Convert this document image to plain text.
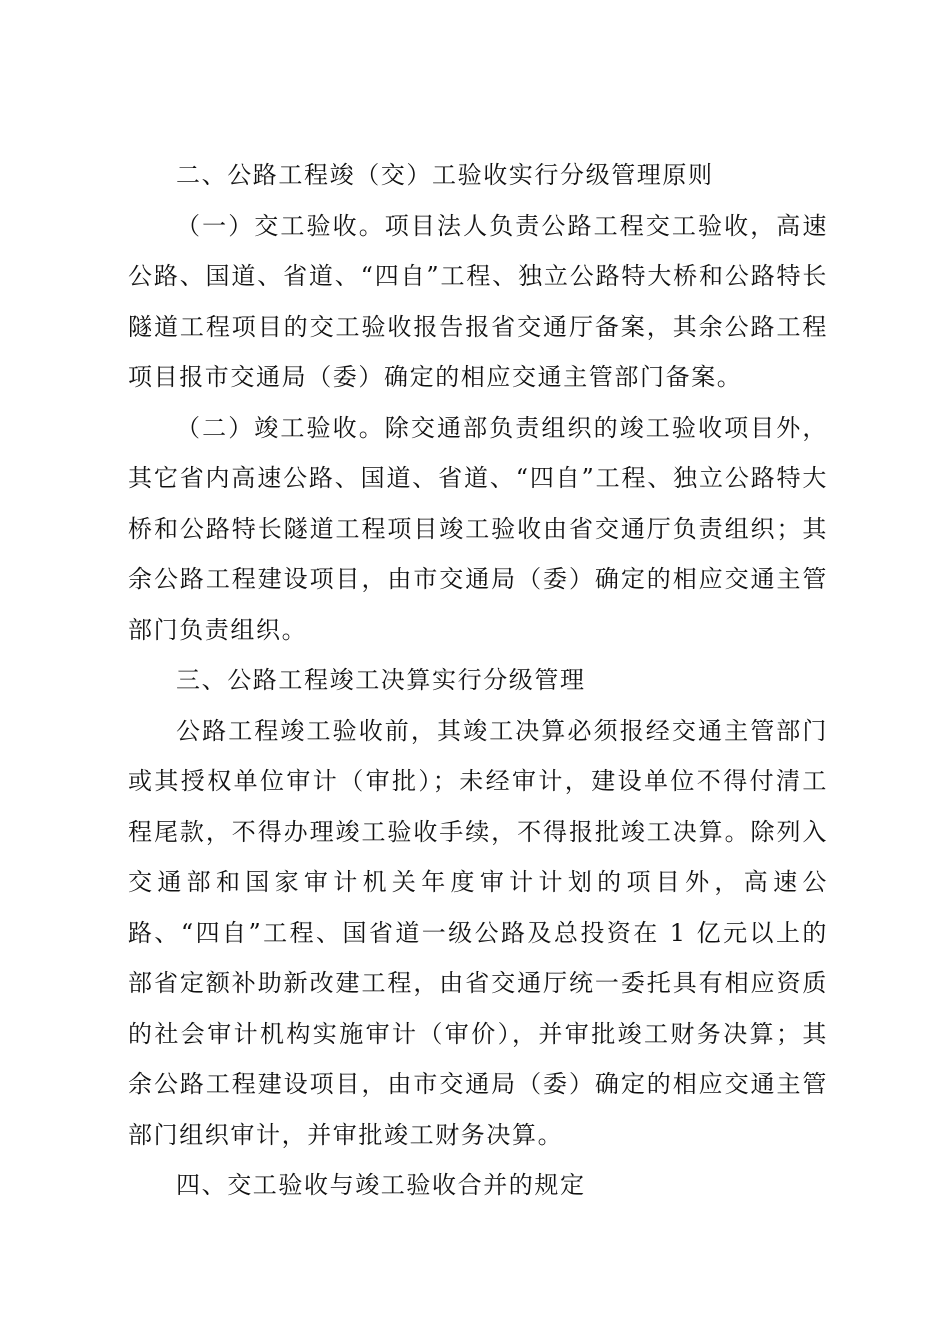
二、公路工程竣（交）工验收实行分级管理原则

（一）交工验收。项目法人负责公路工程交工验收，高速公路、国道、省道、“四自”工程、独立公路特大桥和公路特长隧道工程项目的交工验收报告报省交通厅备案，其余公路工程项目报市交通局（委）确定的相应交通主管部门备案。

（二）竣工验收。除交通部负责组织的竣工验收项目外，其它省内高速公路、国道、省道、“四自”工程、独立公路特大桥和公路特长隧道工程项目竣工验收由省交通厅负责组织；其余公路工程建设项目，由市交通局（委）确定的相应交通主管部门负责组织。

三、公路工程竣工决算实行分级管理

公路工程竣工验收前，其竣工决算必须报经交通主管部门或其授权单位审计（审批）；未经审计，建设单位不得付清工程尾款，不得办理竣工验收手续，不得报批竣工决算。除列入交通部和国家审计机关年度审计计划的项目外，高速公路、“四自”工程、国省道一级公路及总投资在 1 亿元以上的部省定额补助新改建工程，由省交通厅统一委托具有相应资质的社会审计机构实施审计（审价），并审批竣工财务决算；其余公路工程建设项目，由市交通局（委）确定的相应交通主管部门组织审计，并审批竣工财务决算。

四、交工验收与竣工验收合并的规定
